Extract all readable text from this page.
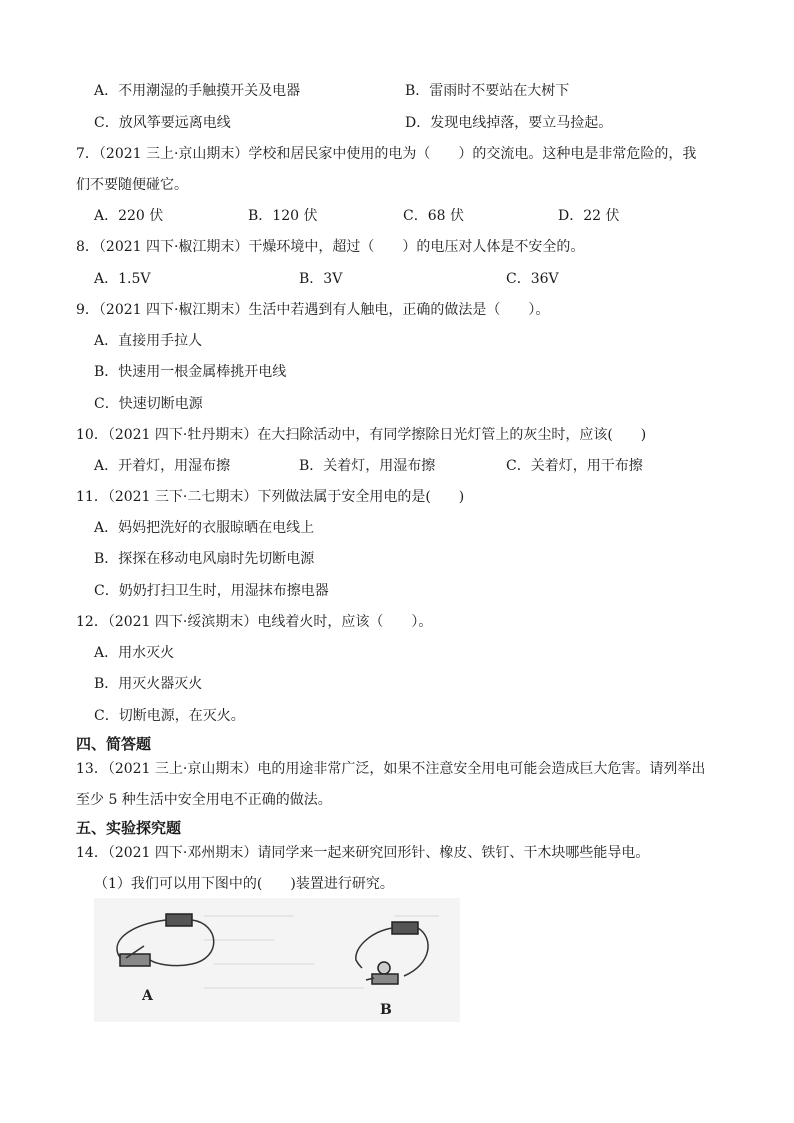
A．不用潮湿的手触摸开关及电器	B．雷雨时不要站在大树下
C．放风筝要远离电线	D．发现电线掉落，要立马捡起。
7．（2021 三上·京山期末）学校和居民家中使用的电为（　　）的交流电。这种电是非常危险的，我
们不要随便碰它。
A．220 伏	B．120 伏	C．68 伏	D．22 伏
8．（2021 四下·椒江期末）干燥环境中，超过（　　）的电压对人体是不安全的。
A．1.5V	B．3V	C．36V
9．（2021 四下·椒江期末）生活中若遇到有人触电，正确的做法是（　　）。
A．直接用手拉人
B．快速用一根金属棒挑开电线
C．快速切断电源
10．（2021 四下·牡丹期末）在大扫除活动中，有同学擦除日光灯管上的灰尘时，应该(　　)
A．开着灯，用湿布擦	B．关着灯，用湿布擦	C．关着灯，用干布擦
11．（2021 三下·二七期末）下列做法属于安全用电的是(　　)
A．妈妈把洗好的衣服晾晒在电线上
B．探探在移动电风扇时先切断电源
C．奶奶打扫卫生时，用湿抹布擦电器
12．（2021 四下·绥滨期末）电线着火时，应该（　　）。
A．用水灭火
B．用灭火器灭火
C．切断电源，在灭火。
四、简答题
13．（2021 三上·京山期末）电的用途非常广泛，如果不注意安全用电可能会造成巨大危害。请列举出
至少 5 种生活中安全用电不正确的做法。
五、实验探究题
14．（2021 四下·邓州期末）请同学来一起来研究回形针、橡皮、铁钉、干木块哪些能导电。
（1）我们可以用下图中的(　　)装置进行研究。
A
B
